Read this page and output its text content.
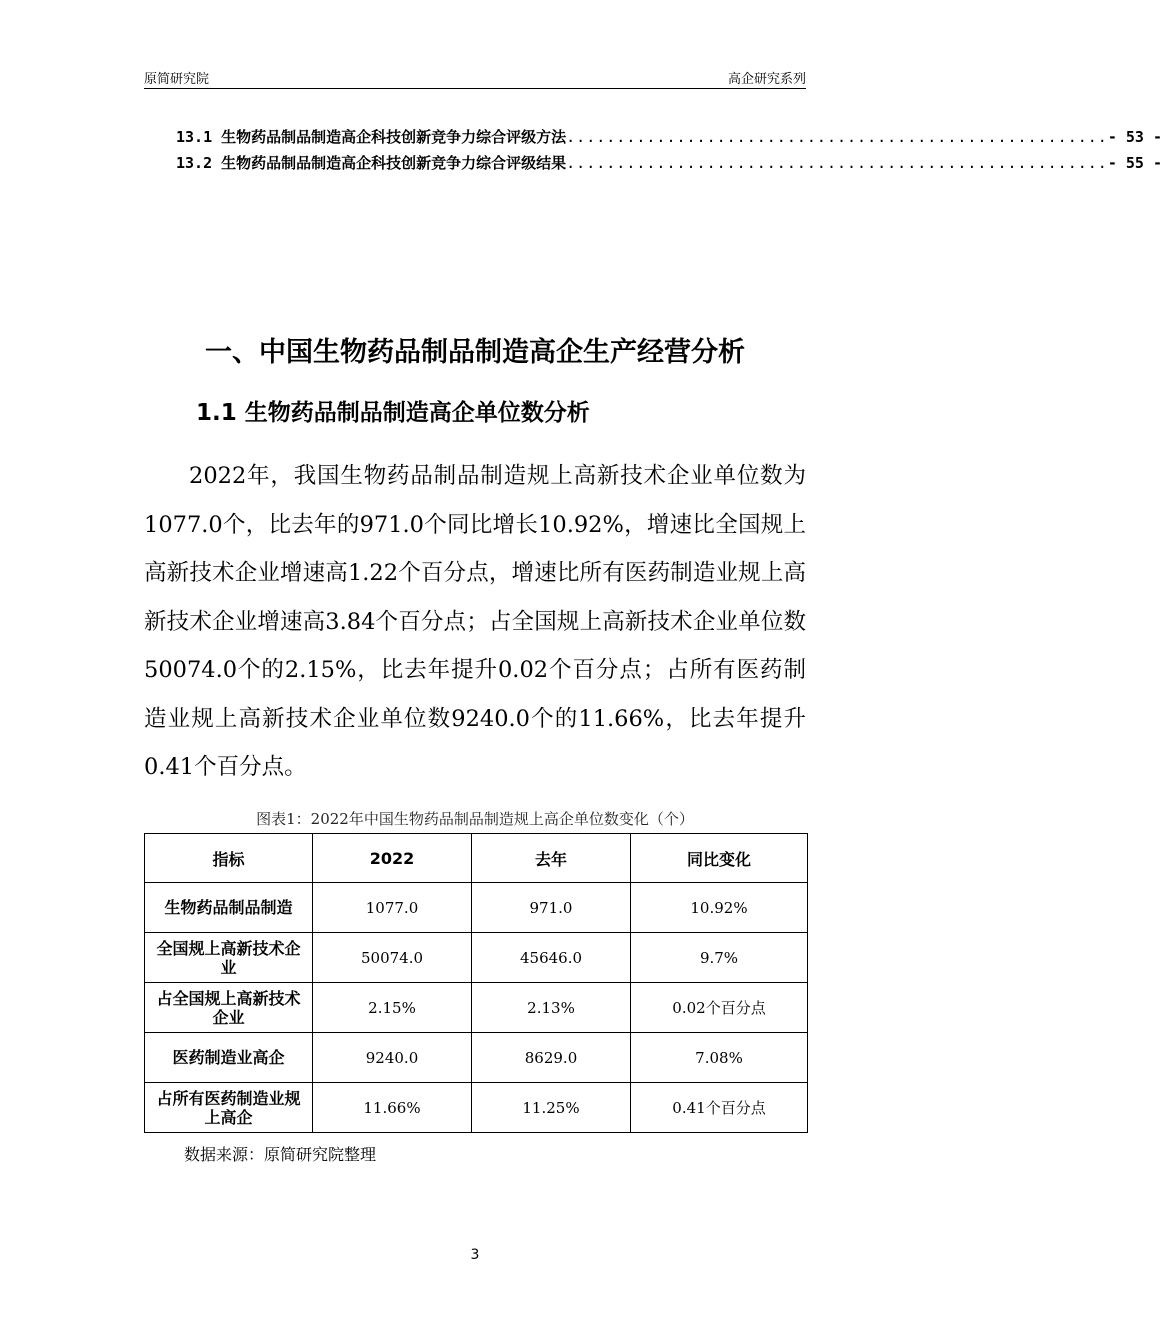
原简研究院	高企研究系列
13.1 生物药品制品制造高企科技创新竞争力综合评级方法 ...................................................... - 53 -
13.2 生物药品制品制造高企科技创新竞争力综合评级结果 ...................................................... - 55 -
一、中国生物药品制品制造高企生产经营分析
1.1 生物药品制品制造高企单位数分析

2022年，我国生物药品制品制造规上高新技术企业单位数为1077.0个，比去年的971.0个同比增长10.92%，增速比全国规上高新技术企业增速高1.22个百分点，增速比所有医药制造业规上高新技术企业增速高3.84个百分点；占全国规上高新技术企业单位数50074.0个的2.15%，比去年提升0.02个百分点；占所有医药制造业规上高新技术企业单位数9240.0个的11.66%，比去年提升0.41个百分点。

图表1：2022年中国生物药品制品制造规上高企单位数变化（个）
指标	2022	去年	同比变化
生物药品制品制造	1077.0	971.0	10.92%
全国规上高新技术企业	50074.0	45646.0	9.7%
占全国规上高新技术企业	2.15%	2.13%	0.02个百分点
医药制造业高企	9240.0	8629.0	7.08%
占所有医药制造业规上高企	11.66%	11.25%	0.41个百分点
数据来源：原简研究院整理
3
